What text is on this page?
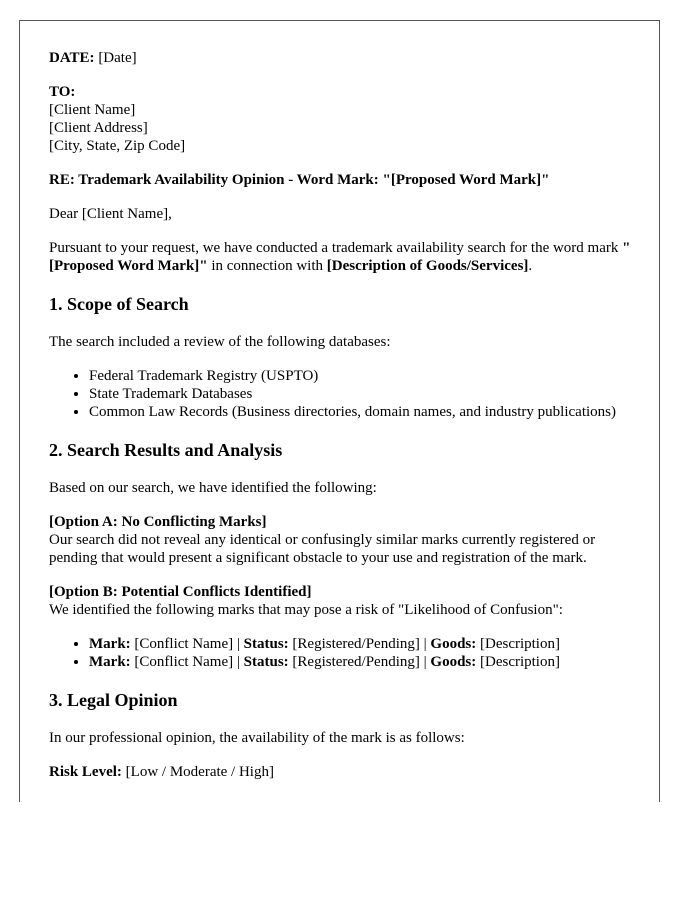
DATE: [Date]

TO:
[Client Name]
[Client Address]
[City, State, Zip Code]

RE: Trademark Availability Opinion - Word Mark: "[Proposed Word Mark]"

Dear [Client Name],

Pursuant to your request, we have conducted a trademark availability search for the word mark "[Proposed Word Mark]" in connection with [Description of Goods/Services].

1. Scope of Search

The search included a review of the following databases:

• Federal Trademark Registry (USPTO)
• State Trademark Databases
• Common Law Records (Business directories, domain names, and industry publications)
2. Search Results and Analysis

Based on our search, we have identified the following:

[Option A: No Conflicting Marks]
Our search did not reveal any identical or confusingly similar marks currently registered or pending that would present a significant obstacle to your use and registration of the mark.
[Option B: Potential Conflicts Identified]
We identified the following marks that may pose a risk of "Likelihood of Confusion":
• Mark: [Conflict Name] | Status: [Registered/Pending] | Goods: [Description]
• Mark: [Conflict Name] | Status: [Registered/Pending] | Goods: [Description]
3. Legal Opinion

In our professional opinion, the availability of the mark is as follows:

Risk Level: [Low / Moderate / High]
